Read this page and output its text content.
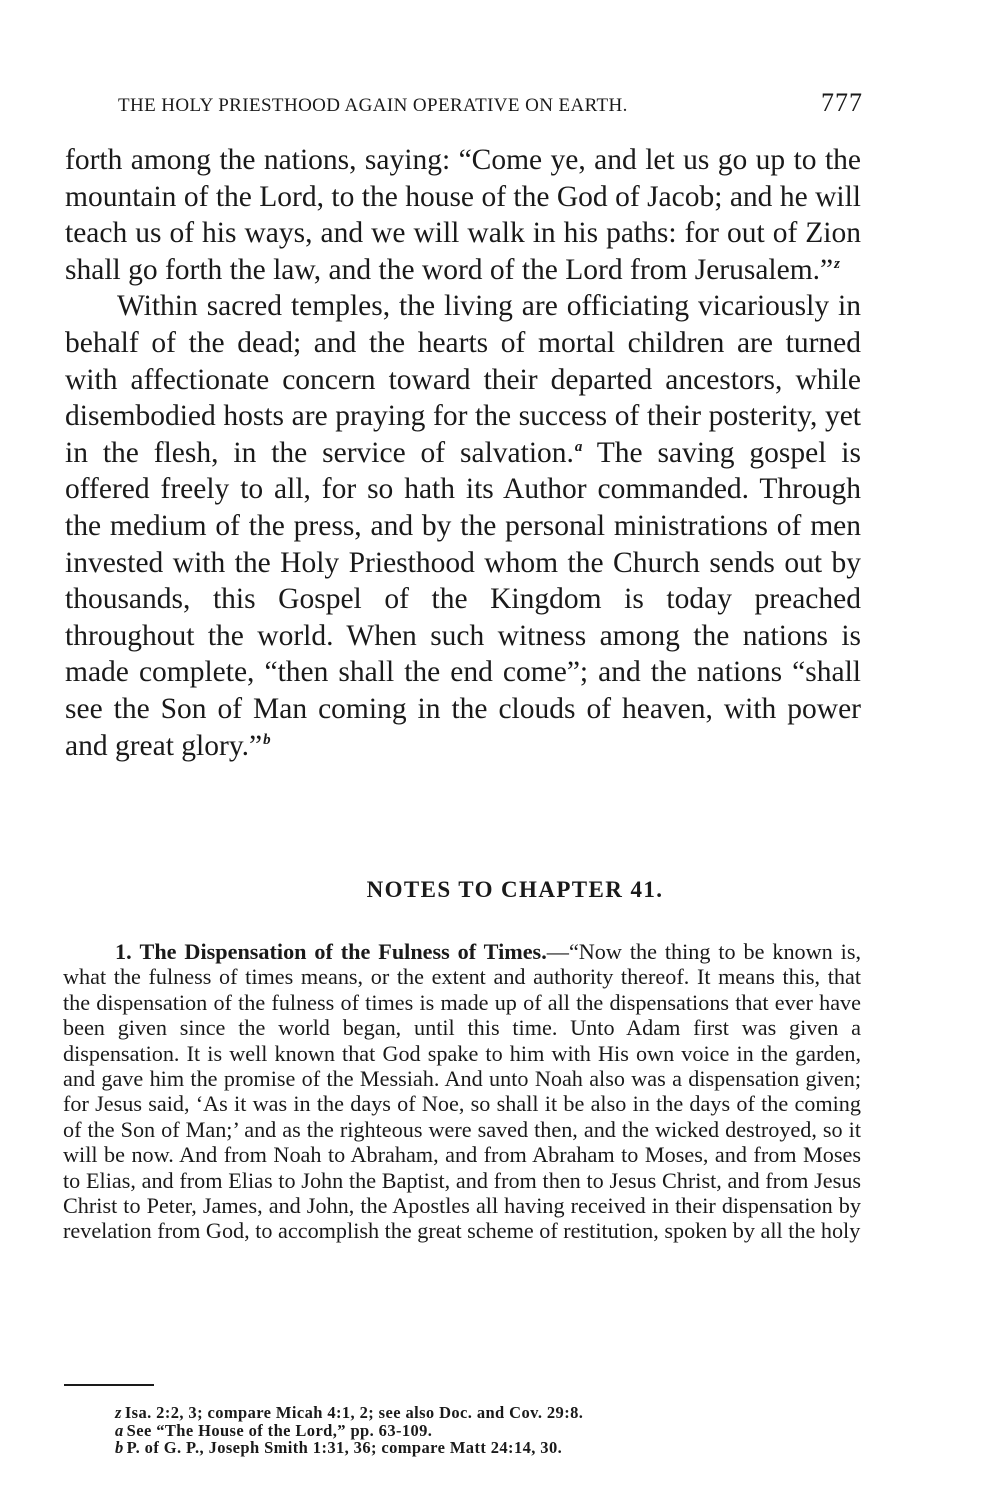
THE HOLY PRIESTHOOD AGAIN OPERATIVE ON EARTH.	777

forth among the nations, saying: “Come ye, and let us go up to the mountain of the Lord, to the house of the God of Jacob; and he will teach us of his ways, and we will walk in his paths: for out of Zion shall go forth the law, and the word of the Lord from Jerusalem.”$^z$

Within sacred temples, the living are officiating vicariously in behalf of the dead; and the hearts of mortal children are turned with affectionate concern toward their departed ancestors, while disembodied hosts are praying for the success of their posterity, yet in the flesh, in the service of salvation.$^a$ The saving gospel is offered freely to all, for so hath its Author commanded. Through the medium of the press, and by the personal ministrations of men invested with the Holy Priesthood whom the Church sends out by thousands, this Gospel of the Kingdom is today preached throughout the world. When such witness among the nations is made complete, “then shall the end come”; and the nations “shall see the Son of Man coming in the clouds of heaven, with power and great glory.”$^b$

NOTES TO CHAPTER 41.

1. The Dispensation of the Fulness of Times.—“Now the thing to be known is, what the fulness of times means, or the extent and authority thereof. It means this, that the dispensation of the fulness of times is made up of all the dispensations that ever have been given since the world began, until this time. Unto Adam first was given a dispensation. It is well known that God spake to him with His own voice in the garden, and gave him the promise of the Messiah. And unto Noah also was a dispensation given; for Jesus said, ‘As it was in the days of Noe, so shall it be also in the days of the coming of the Son of Man;’ and as the righteous were saved then, and the wicked destroyed, so it will be now. And from Noah to Abraham, and from Abraham to Moses, and from Moses to Elias, and from Elias to John the Baptist, and from then to Jesus Christ, and from Jesus Christ to Peter, James, and John, the Apostles all having received in their dispensation by revelation from God, to accomplish the great scheme of restitution, spoken by all the holy

z Isa. 2:2, 3; compare Micah 4:1, 2; see also Doc. and Cov. 29:8.
a See “The House of the Lord,” pp. 63-109.
b P. of G. P., Joseph Smith 1:31, 36; compare Matt 24:14, 30.
